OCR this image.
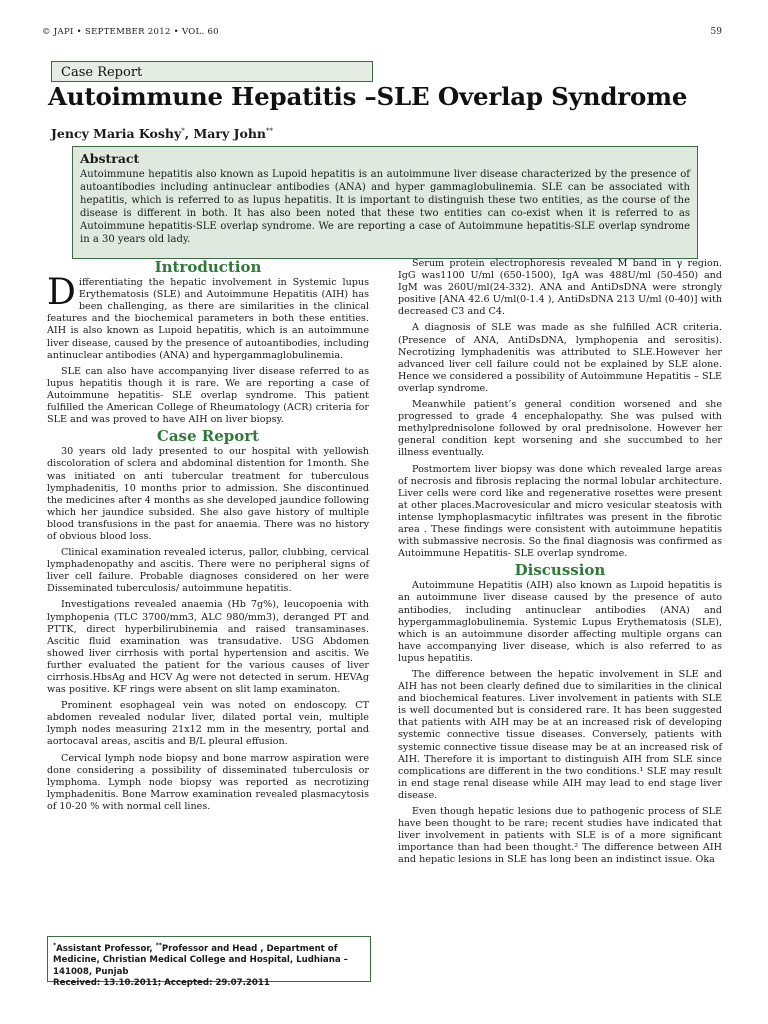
© JAPI • SEPTEMBER 2012 • VOL. 60	59
Case Report
Autoimmune Hepatitis –SLE Overlap Syndrome
Jency Maria Koshy*, Mary John**
Abstract

Autoimmune hepatitis also known as Lupoid hepatitis is an autoimmune liver disease characterized by the presence of autoantibodies including antinuclear antibodies (ANA) and hyper gammaglobulinemia. SLE can be associated with hepatitis, which is referred to as lupus hepatitis. It is important to distinguish these two entities, as the course of the disease is different in both. It has also been noted that these two entities can co-exist when it is referred to as Autoimmune hepatitis-SLE overlap syndrome. We are reporting a case of Autoimmune hepatitis-SLE overlap syndrome in a 30 years old lady.

Introduction

Differentiating the hepatic involvement in Systemic lupus Erythematosis (SLE) and Autoimmune Hepatitis (AIH) has been challenging, as there are similarities in the clinical features and the biochemical parameters in both these entities. AIH is also known as Lupoid hepatitis, which is an autoimmune liver disease, caused by the presence of autoantibodies, including antinuclear antibodies (ANA) and hypergammaglobulinemia.

SLE can also have accompanying liver disease referred to as lupus hepatitis though it is rare. We are reporting a case of Autoimmune hepatitis- SLE overlap syndrome. This patient fulfilled the American College of Rheumatology (ACR) criteria for SLE and was proved to have AIH on liver biopsy.

Case Report

30 years old lady presented to our hospital with yellowish discoloration of sclera and abdominal distention for 1month. She was initiated on anti tubercular treatment for tuberculous lymphadenitis, 10 months prior to admission. She discontinued the medicines after 4 months as she developed jaundice following which her jaundice subsided. She also gave history of multiple blood transfusions in the past for anaemia. There was no history of obvious blood loss.

Clinical examination revealed icterus, pallor, clubbing, cervical lymphadenopathy and ascitis. There were no peripheral signs of liver cell failure. Probable diagnoses considered on her were Disseminated tuberculosis/ autoimmune hepatitis.

Investigations revealed anaemia (Hb 7g%), leucopoenia with lymphopenia (TLC 3700/mm3, ALC 980/mm3), deranged PT and PTTK, direct hyperbilirubinemia and raised transaminases. Ascitic fluid examination was transudative. USG Abdomen showed liver cirrhosis with portal hypertension and ascitis. We further evaluated the patient for the various causes of liver cirrhosis.HbsAg and HCV Ag were not detected in serum. HEVAg was positive. KF rings were absent on slit lamp examinaton.

Prominent esophageal vein was noted on endoscopy. CT abdomen revealed nodular liver, dilated portal vein, multiple lymph nodes measuring 21x12 mm in the mesentry, portal and aortocaval areas, ascitis and B/L pleural effusion.

Cervical lymph node biopsy and bone marrow aspiration were done considering a possibility of disseminated tuberculosis or lymphoma. Lymph node biopsy was reported as necrotizing lymphadenitis. Bone Marrow examination revealed plasmacytosis of 10-20 % with normal cell lines.

Serum protein electrophoresis revealed M band in γ region. IgG was1100 U/ml (650-1500), IgA was 488U/ml (50-450) and IgM was 260U/ml(24-332). ANA and AntiDsDNA were strongly positive [ANA 42.6 U/ml(0-1.4 ), AntiDsDNA 213 U/ml (0-40)] with decreased C3 and C4.

A diagnosis of SLE was made as she fulfilled ACR criteria. (Presence of ANA, AntiDsDNA, lymphopenia and serositis). Necrotizing lymphadenitis was attributed to SLE.However her advanced liver cell failure could not be explained by SLE alone. Hence we considered a possibility of Autoimmune Hepatitis – SLE overlap syndrome.

Meanwhile patient’s general condition worsened and she progressed to grade 4 encephalopathy. She was pulsed with methylprednisolone followed by oral prednisolone. However her general condition kept worsening and she succumbed to her illness eventually.

Postmortem liver biopsy was done which revealed large areas of necrosis and fibrosis replacing the normal lobular architecture. Liver cells were cord like and regenerative rosettes were present at other places.Macrovesicular and micro vesicular steatosis with intense lymphoplasmacytic infiltrates was present in the fibrotic area . These findings were consistent with autoimmune hepatitis with submassive necrosis. So the final diagnosis was confirmed as Autoimmune Hepatitis- SLE overlap syndrome.

Discussion

Autoimmune Hepatitis (AIH) also known as Lupoid hepatitis is an autoimmune liver disease caused by the presence of auto antibodies, including antinuclear antibodies (ANA) and hypergammaglobulinemia. Systemic Lupus Erythematosis (SLE), which is an autoimmune disorder affecting multiple organs can have accompanying liver disease, which is also referred to as lupus hepatitis.

The difference between the hepatic involvement in SLE and AIH has not been clearly defined due to similarities in the clinical and biochemical features. Liver involvement in patients with SLE is well documented but is considered rare. It has been suggested that patients with AIH may be at an increased risk of developing systemic connective tissue diseases. Conversely, patients with systemic connective tissue disease may be at an increased risk of AIH. Therefore it is important to distinguish AIH from SLE since complications are different in the two conditions.¹ SLE may result in end stage renal disease while AIH may lead to end stage liver disease.

Even though hepatic lesions due to pathogenic process of SLE have been thought to be rare; recent studies have indicated that liver involvement in patients with SLE is of a more significant importance than had been thought.² The difference between AIH and hepatic lesions in SLE has long been an indistinct issue. Oka

*Assistant Professor, **Professor and Head , Department of Medicine, Christian Medical College and Hospital, Ludhiana – 141008, Punjab
Received: 13.10.2011; Accepted: 29.07.2011
